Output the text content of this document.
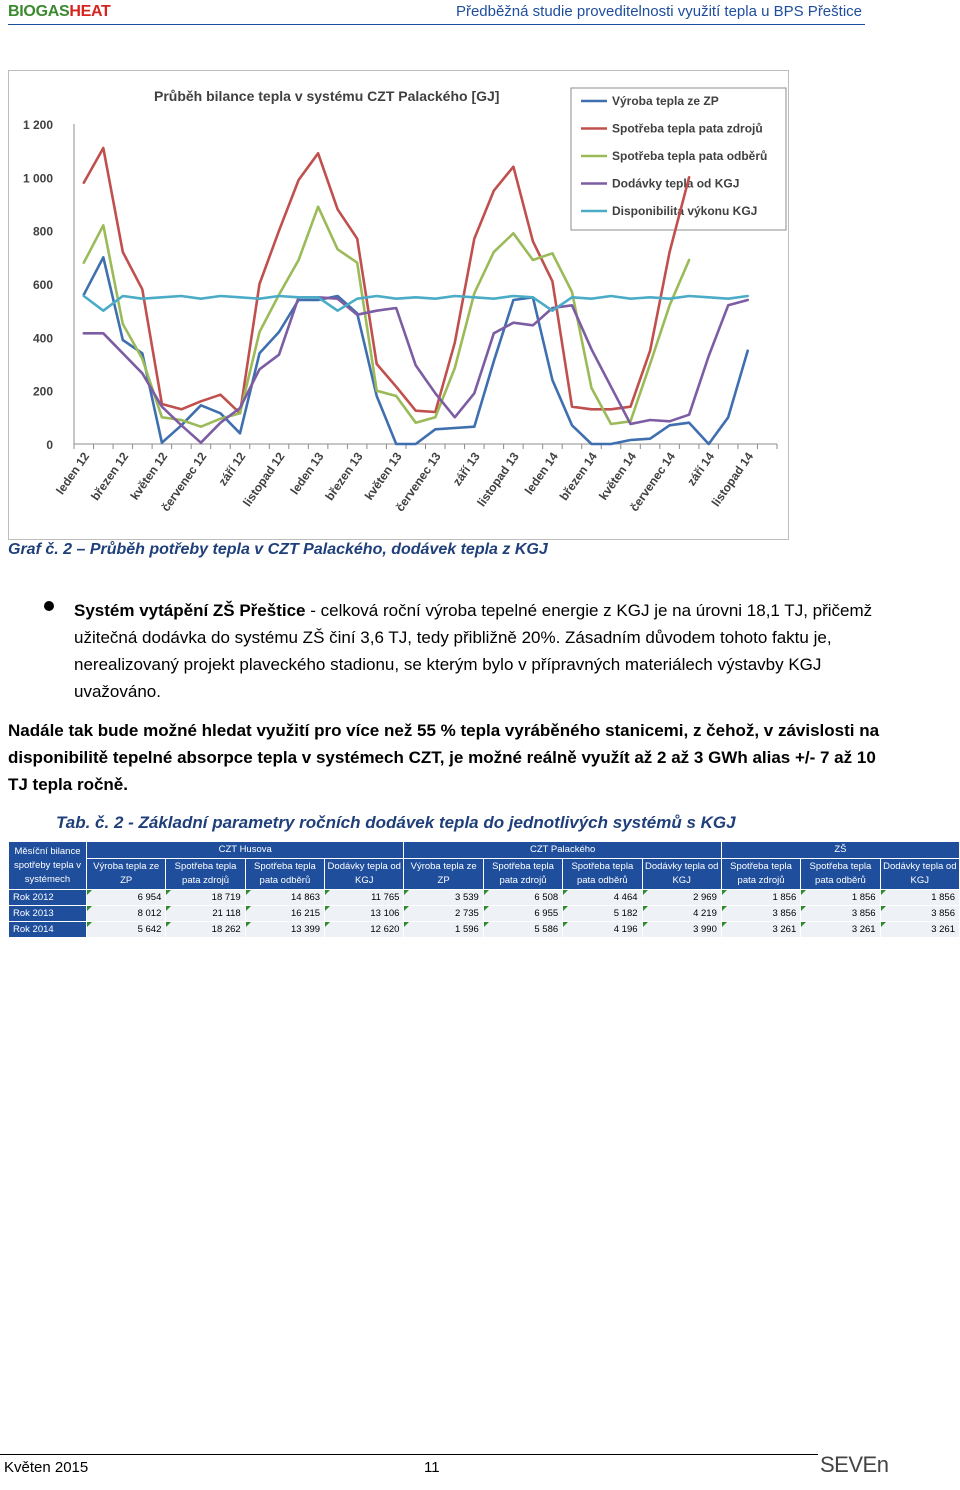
BIOGASHEAT	Předběžná studie proveditelnosti využití tepla u BPS Přeštice
Průběh bilance tepla v systému CZT Palackého [GJ]	Výroba tepla ze ZP
Spotřeba tepla pata zdrojů
Spotřeba tepla pata odběrů
Dodávky tepla od KGJ
Disponibilita výkonu KGJ
0
200
400
600
800
1 000
1 200
leden 12
březen 12
květen 12
červenec 12 září 12
listopad 12 leden 13
březen 13
květen 13
červenec 13 září 13
listopad 13 leden 14
březen 14
květen 14
červenec 14 září 14
listopad 14
Graf č. 2 – Průběh potřeby tepla v CZT Palackého, dodávek tepla z KGJ
Systém vytápění ZŠ Přeštice - celková roční výroba tepelné energie z KGJ je na úrovni 18,1 TJ, přičemž užitečná dodávka do systému ZŠ činí 3,6 TJ, tedy přibližně 20%. Zásadním důvodem tohoto faktu je, nerealizovaný projekt plaveckého stadionu, se kterým bylo v přípravných materiálech výstavby KGJ uvažováno.
Nadále tak bude možné hledat využití pro více než 55 % tepla vyráběného stanicemi, z čehož, v závislosti na disponibilitě tepelné absorpce tepla v systémech CZT, je možné reálně využít až 2 až 3 GWh alias +/- 7 až 10 TJ tepla ročně.
Tab. č. 2 - Základní parametry ročních dodávek tepla do jednotlivých systémů s KGJ
Měsíční bilance spotřeby tepla v systémech	CZT Husova				CZT Palackého				ZŠ		
	Výroba tepla ze ZP	Spotřeba tepla pata zdrojů	Spotřeba tepla pata odběrů	Dodávky tepla od KGJ	Výroba tepla ze ZP	Spotřeba tepla pata zdrojů	Spotřeba tepla pata odběrů	Dodávky tepla od KGJ	Spotřeba tepla pata zdrojů	Spotřeba tepla pata odběrů	Dodávky tepla od KGJ
Rok 2012	6 954	18 719	14 863	11 765	3 539	6 508	4 464	2 969	1 856	1 856	1 856
Rok 2013	8 012	21 118	16 215	13 106	2 735	6 955	5 182	4 219	3 856	3 856	3 856
Rok 2014	5 642	18 262	13 399	12 620	1 596	5 586	4 196	3 990	3 261	3 261	3 261
Květen 2015	11	SEVEn
